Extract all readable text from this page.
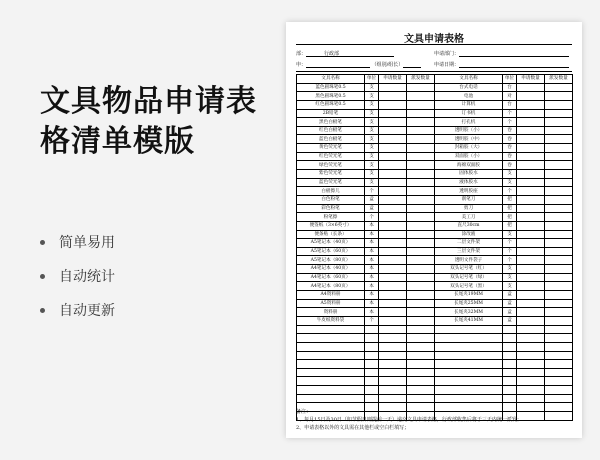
文具物品申请表格清单模版
简单易用
自动统计
自动更新
文具申请表格
部：	行政部	申请部门：
申：	（组别/组长）	申请日期：
文具名称	单位	申请数量	派发数量	文具名称	单位	申请数量	派发数量
蓝色圆珠笔0.5	支			台式电话	台		
黑色圆珠笔0.5	支			电池	对		
红色圆珠笔0.5	支			计算机	台		
2B铅笔	支			订书机	个		
黑色白板笔	支			打孔机	个		
红色白板笔	支			透明胶（小）	卷		
蓝色白板笔	支			透明胶（中）	卷		
黄色荧光笔	支			封箱胶（大）	卷		
红色荧光笔	支			双面胶（小）	卷		
绿色荧光笔	支			海绵双面胶	卷		
紫色荧光笔	支			固体胶水	支		
蓝色荧光笔	支			液体胶水	支		
白板擦儿	个			透明胶座	个		
白色粉笔	盒			削笔刀	把		
彩色粉笔	盒			剪刀	把		
粉笔擦	个			美工刀	把		
便签纸（3×6英寸）	本			直尺30cm	把		
便条贴（长条）	本			涂改液	支		
A5笔记本（40页）	本			二层文件架	个		
A5笔记本（60页）	本			三层文件架	个		
A5笔记本（80页）	本			透明文件袋子	个		
A4笔记本（40页）	本			双头记号笔（红）	支		
A4笔记本（60页）	本			双头记号笔（绿）	支		
A4笔记本（80页）	本			双头记号笔（黑）	支		
A4资料册	本			长尾夹19MM	盒		
A5资料册	本			长尾夹25MM	盒		
资料册	本			长尾夹32MM	盒		
牛皮纸资料袋	个			长尾夹41MM	盒		

备注：
1、每月15日及30日（如节假日则提前一天）递交文具申请表格，行政部收集后将于三天内统一派发；
2、申请表格以外的文具需在其他栏或空白栏填写；
